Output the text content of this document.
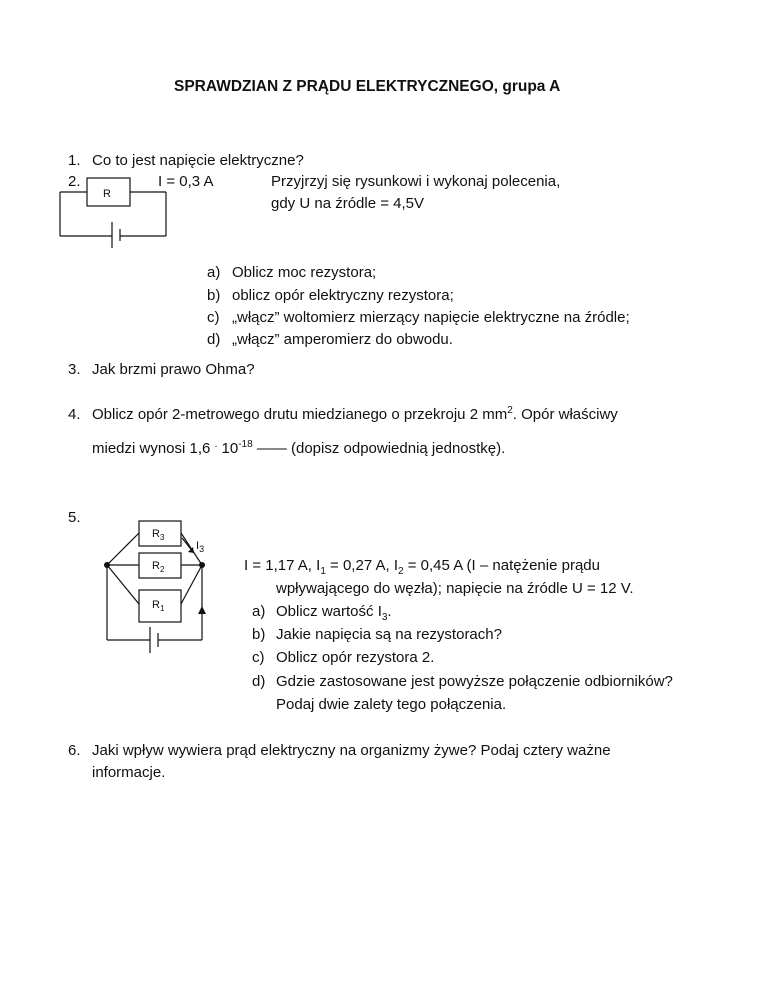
SPRAWDZIAN Z PRĄDU ELEKTRYCZNEGO, grupa A
1. Co to jest napięcie elektryczne?
2.
R
I = 0,3 A	Przyjrzyj się rysunkowi i wykonaj polecenia,
gdy U na źródle = 4,5V
a) Oblicz moc rezystora;
b) oblicz opór elektryczny rezystora;
c) „włącz” woltomierz mierzący napięcie elektryczne na źródle;
d) „włącz” amperomierz do obwodu.
3. Jak brzmi prawo Ohma?
4. Oblicz opór 2-metrowego drutu miedzianego o przekroju 2 $mm^2$. Opór właściwy
miedzi wynosi 1,6 . $10^{-18}$ —— (dopisz odpowiednią jednostkę).
5.
$R_3$
$R_2$
$R_1$
$I_3$
I = 1,17 A, $I_1 = 0,27$ A, $I_2 = 0,45$ A (I – natężenie prądu
wpływającego do węzła); napięcie na źródle U = 12 V.
a) Oblicz wartość $I_3$.
b) Jakie napięcia są na rezystorach?
c) Oblicz opór rezystora 2.
d) Gdzie zastosowane jest powyższe połączenie odbiorników?
Podaj dwie zalety tego połączenia.
6. Jaki wpływ wywiera prąd elektryczny na organizmy żywe? Podaj cztery ważne
informacje.
